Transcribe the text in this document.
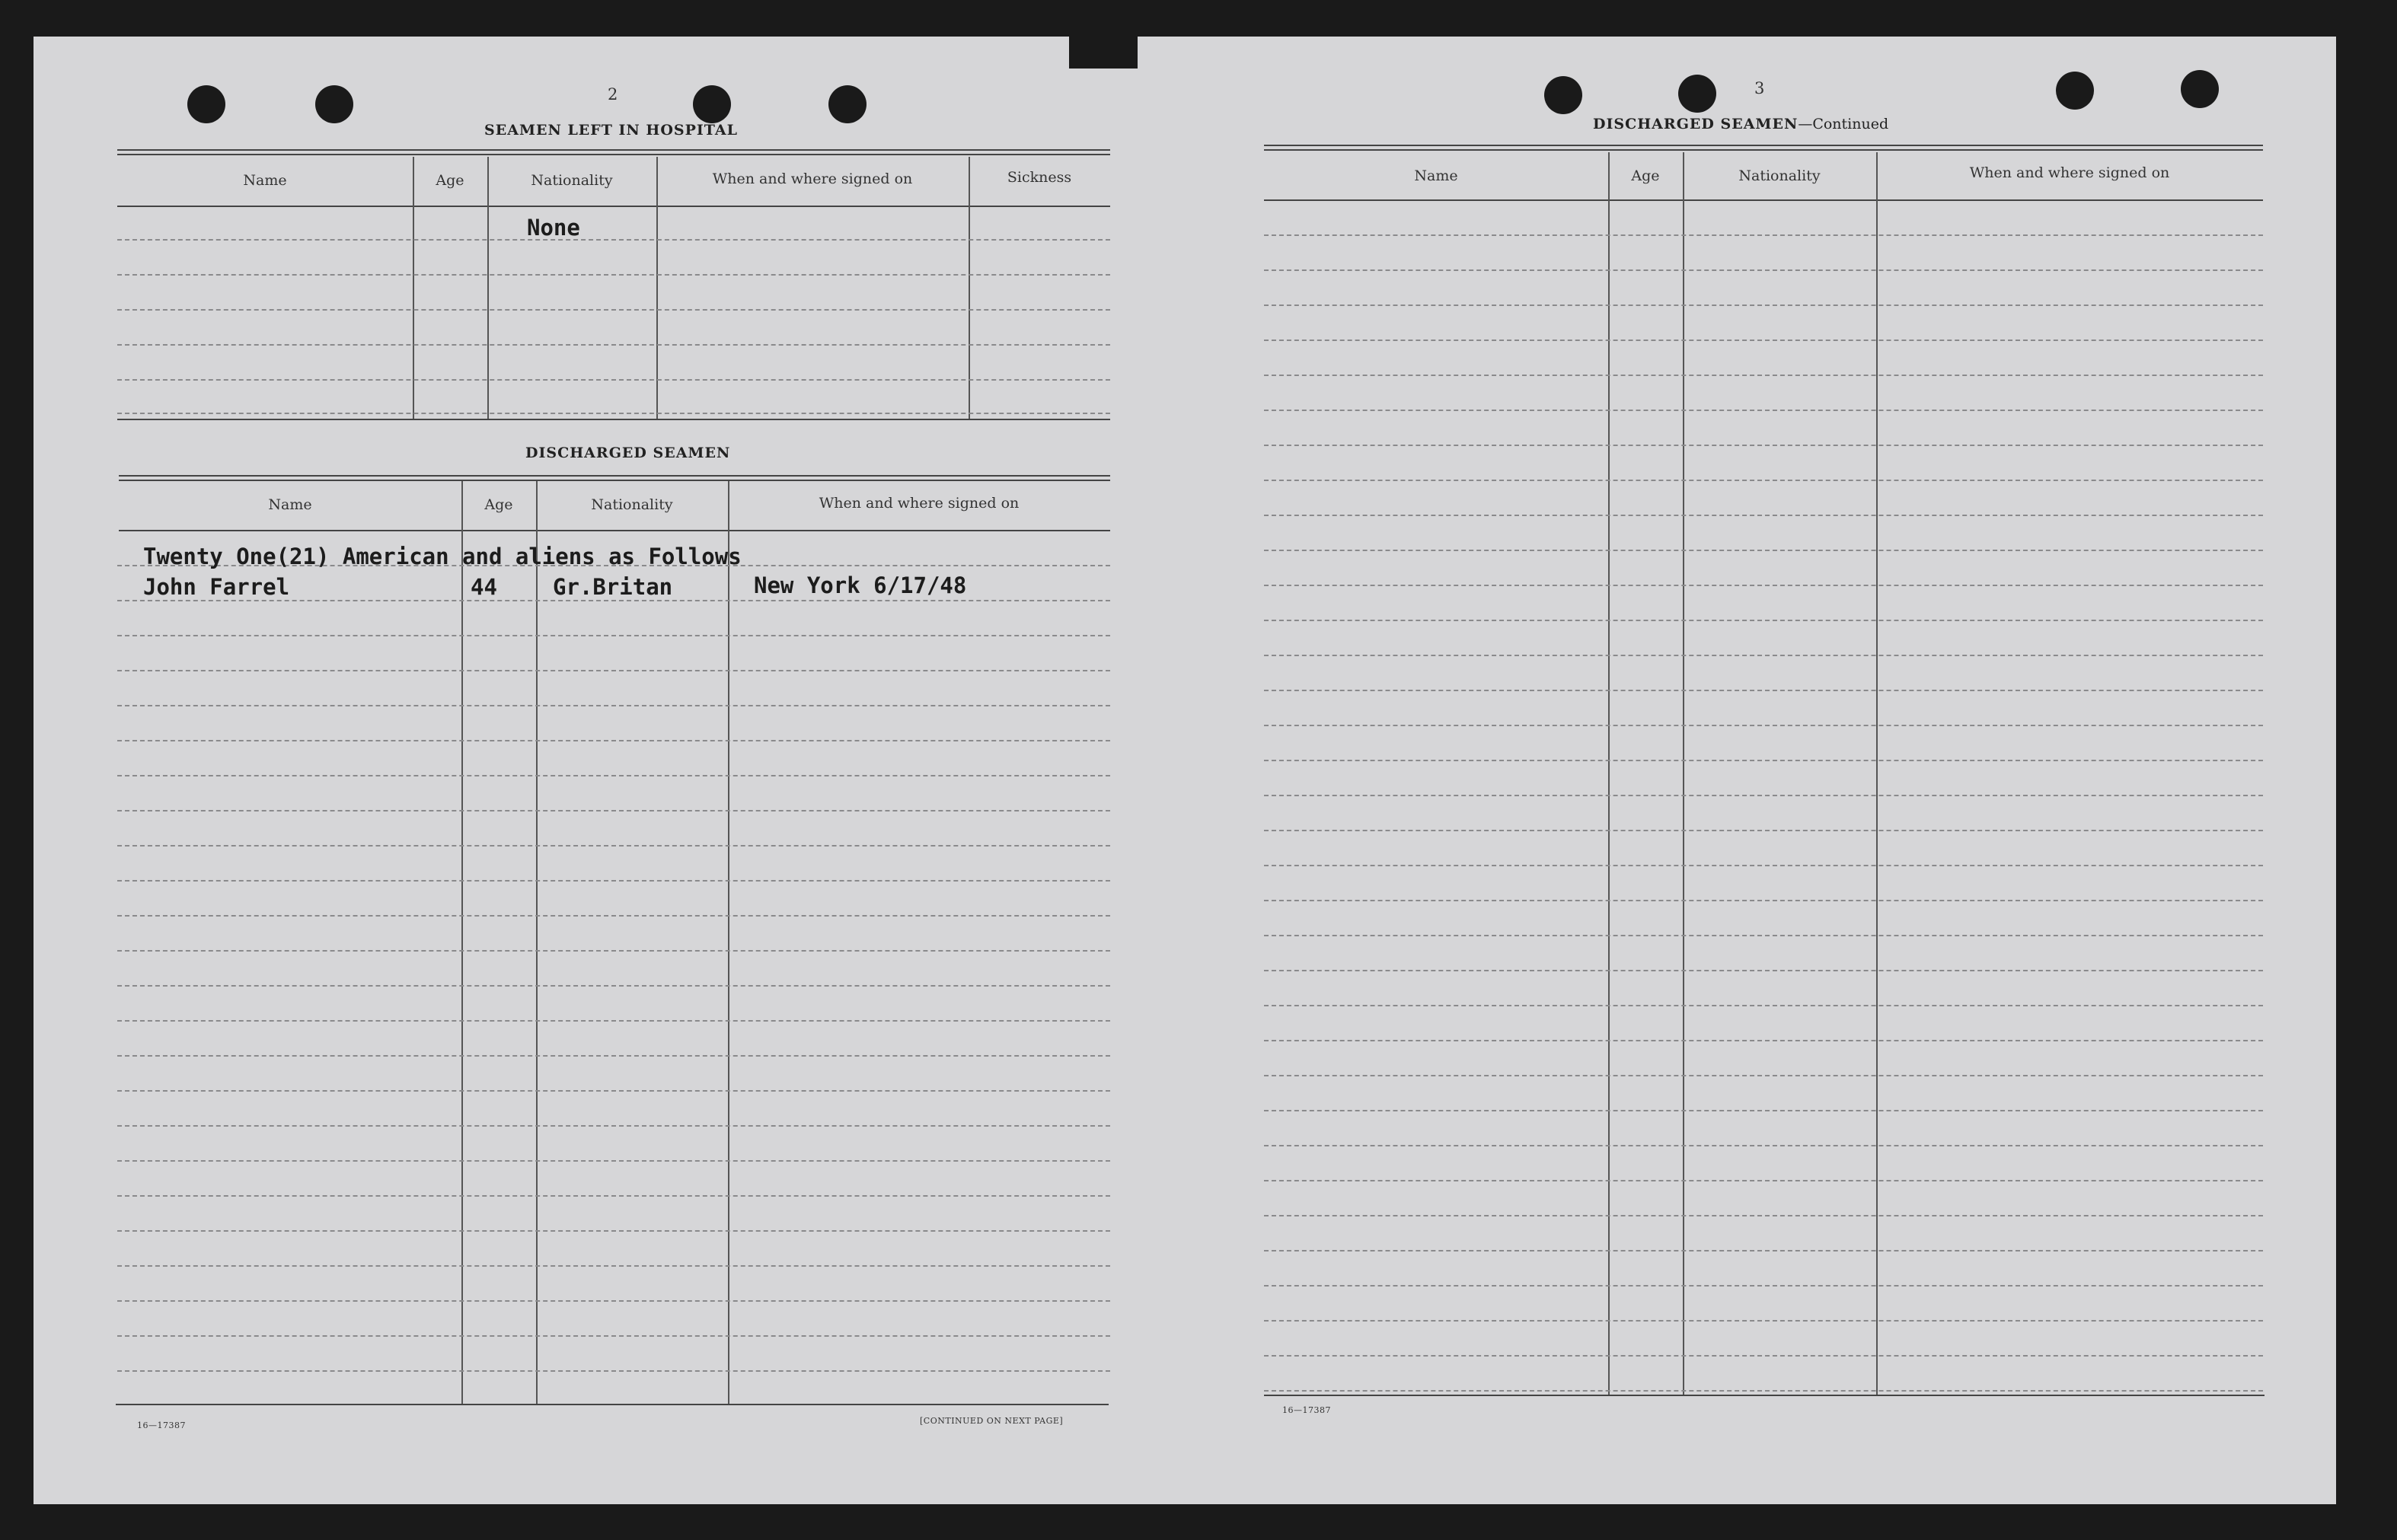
2
SEAMEN LEFT IN HOSPITAL
Name	Age	Nationality	When and where signed on	Sickness
None
DISCHARGED SEAMEN
Name	Age	Nationality	When and where signed on
Twenty One(21) American and aliens as Follows
John Farrel	44	Gr.Britan	New York 6/17/48
16—17387	[CONTINUED ON NEXT PAGE]
3
DISCHARGED SEAMEN—Continued
Name	Age	Nationality	When and where signed on
16—17387
